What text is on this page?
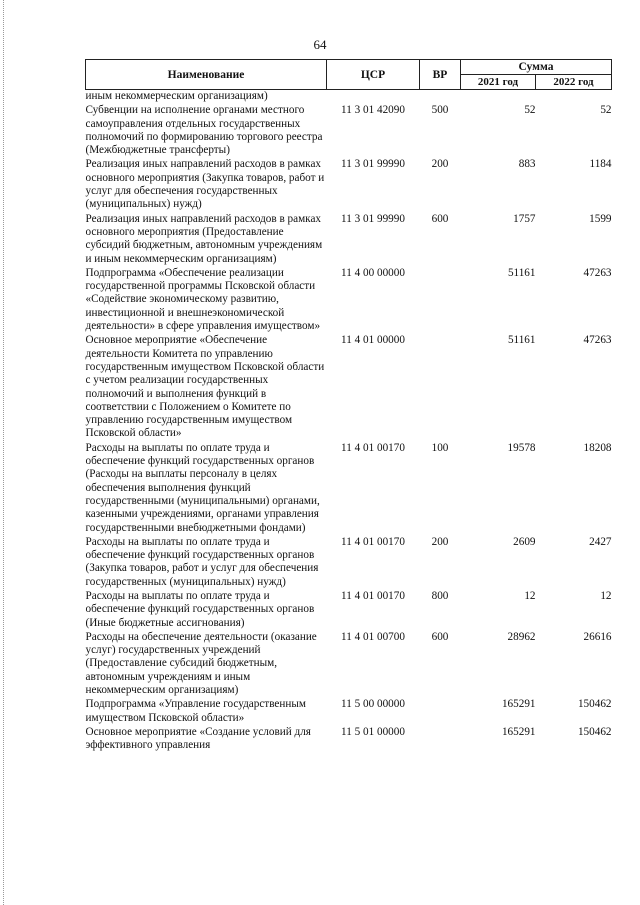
64
Наименование	ЦСР	ВР	Сумма	
			2021 год	2022 год
иным некоммерческим организациям)				
Субвенции на исполнение органами местного самоуправления отдельных государственных полномочий по формированию торгового реестра (Межбюджетные трансферты)	11 3 01 42090	500	52	52
Реализация иных направлений расходов в рамках основного мероприятия (Закупка товаров, работ и услуг для обеспечения государственных (муниципальных) нужд)	11 3 01 99990	200	883	1184
Реализация иных направлений расходов в рамках основного мероприятия (Предоставление субсидий бюджетным, автономным учреждениям и иным некоммерческим организациям)	11 3 01 99990	600	1757	1599
Подпрограмма «Обеспечение реализации государственной программы Псковской области «Содействие экономическому развитию, инвестиционной и внешнеэкономической деятельности» в сфере управления имуществом»	11 4 00 00000		51161	47263
Основное мероприятие «Обеспечение деятельности Комитета по управлению государственным имуществом Псковской области с учетом реализации государственных полномочий и выполнения функций в соответствии с Положением о Комитете по управлению государственным имуществом Псковской области»	11 4 01 00000		51161	47263
Расходы на выплаты по оплате труда и обеспечение функций государственных органов (Расходы на выплаты персоналу в целях обеспечения выполнения функций государственными (муниципальными) органами, казенными учреждениями, органами управления государственными внебюджетными фондами)	11 4 01 00170	100	19578	18208
Расходы на выплаты по оплате труда и обеспечение функций государственных органов (Закупка товаров, работ и услуг для обеспечения государственных (муниципальных) нужд)	11 4 01 00170	200	2609	2427
Расходы на выплаты по оплате труда и обеспечение функций государственных органов (Иные бюджетные ассигнования)	11 4 01 00170	800	12	12
Расходы на обеспечение деятельности (оказание услуг) государственных учреждений (Предоставление субсидий бюджетным, автономным учреждениям и иным некоммерческим организациям)	11 4 01 00700	600	28962	26616
Подпрограмма «Управление государственным имуществом Псковской области»	11 5 00 00000		165291	150462
Основное мероприятие «Создание условий для эффективного управления	11 5 01 00000		165291	150462
